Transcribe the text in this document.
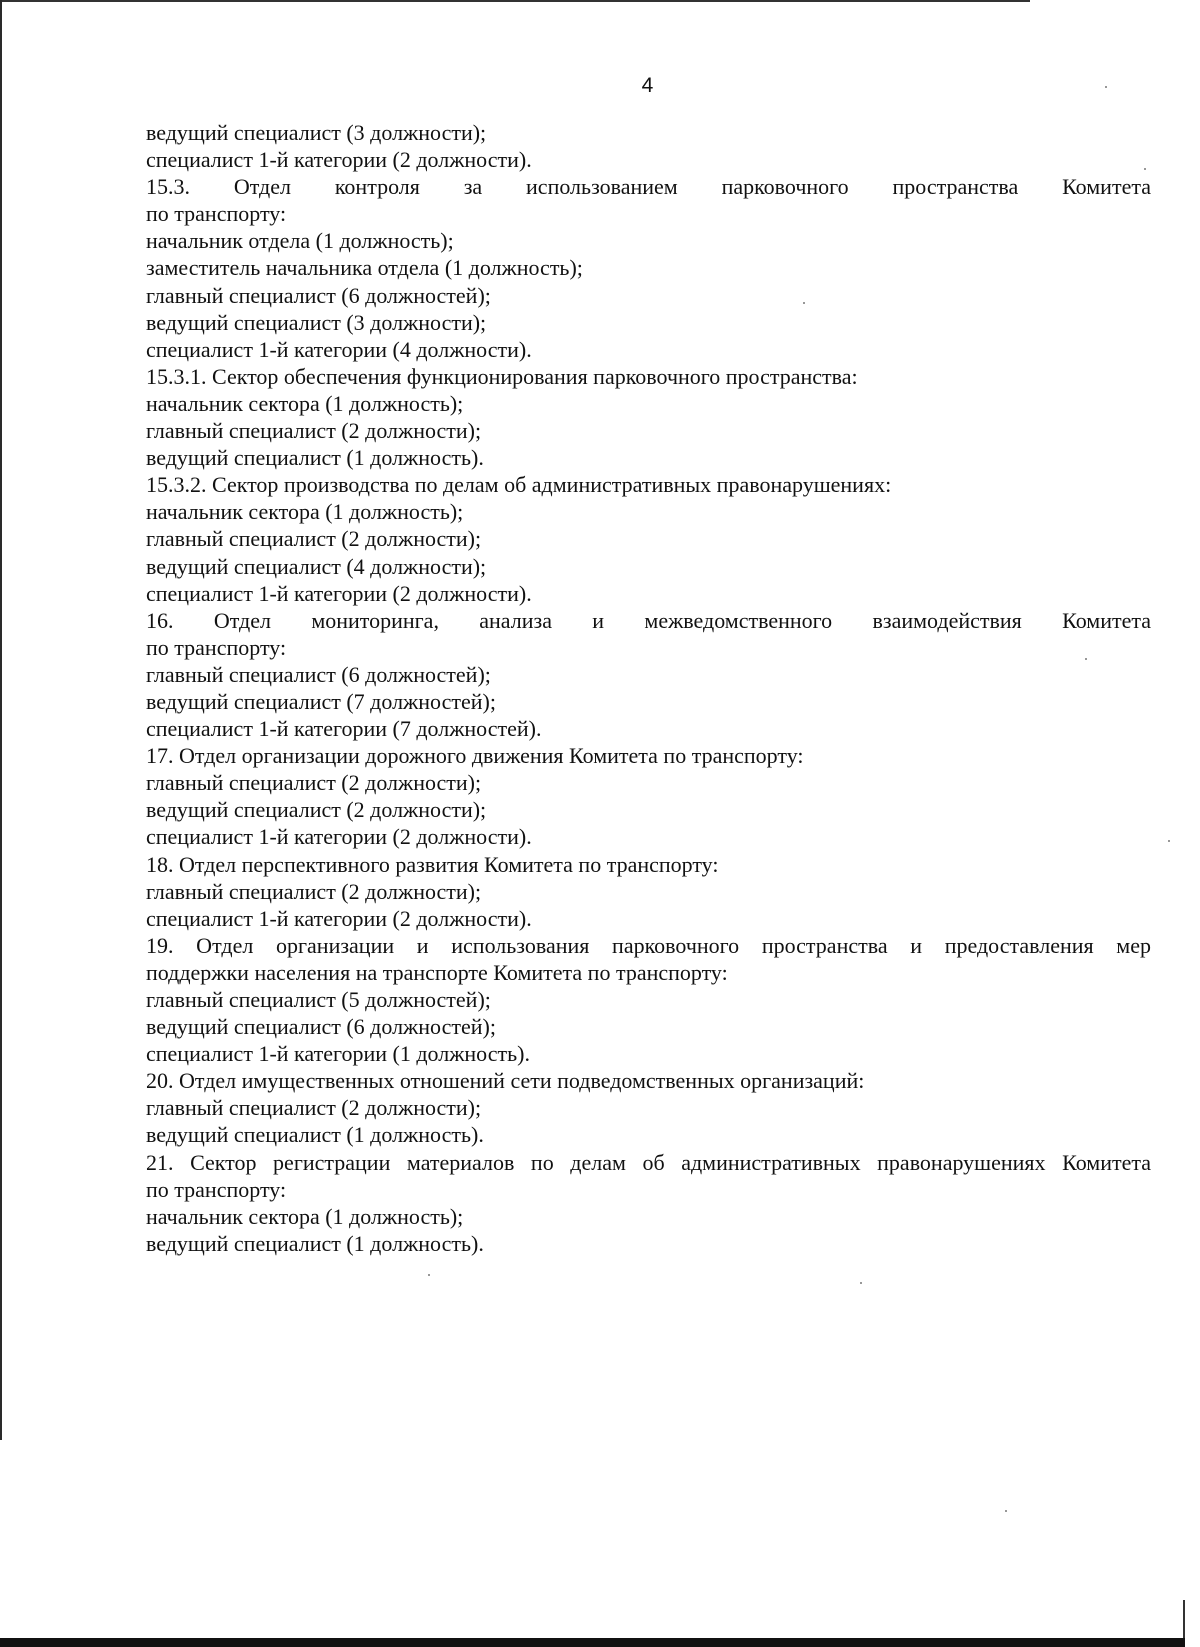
4
ведущий специалист (3 должности);
специалист 1-й категории (2 должности).
15.3. Отдел контроля за использованием парковочного пространства Комитета
по транспорту:
начальник отдела (1 должность);
заместитель начальника отдела (1 должность);
главный специалист (6 должностей);
ведущий специалист (3 должности);
специалист 1-й категории (4 должности).
15.3.1. Сектор обеспечения функционирования парковочного пространства:
начальник сектора (1 должность);
главный специалист (2 должности);
ведущий специалист (1 должность).
15.3.2. Сектор производства по делам об административных правонарушениях:
начальник сектора (1 должность);
главный специалист (2 должности);
ведущий специалист (4 должности);
специалист 1-й категории (2 должности).
16. Отдел мониторинга, анализа и межведомственного взаимодействия Комитета
по транспорту:
главный специалист (6 должностей);
ведущий специалист (7 должностей);
специалист 1-й категории (7 должностей).
17. Отдел организации дорожного движения Комитета по транспорту:
главный специалист (2 должности);
ведущий специалист (2 должности);
специалист 1-й категории (2 должности).
18. Отдел перспективного развития Комитета по транспорту:
главный специалист (2 должности);
специалист 1-й категории (2 должности).
19. Отдел организации и использования парковочного пространства и предоставления мер
поддержки населения на транспорте Комитета по транспорту:
главный специалист (5 должностей);
ведущий специалист (6 должностей);
специалист 1-й категории (1 должность).
20. Отдел имущественных отношений сети подведомственных организаций:
главный специалист (2 должности);
ведущий специалист (1 должность).
21. Сектор регистрации материалов по делам об административных правонарушениях Комитета
по транспорту:
начальник сектора (1 должность);
ведущий специалист (1 должность).
